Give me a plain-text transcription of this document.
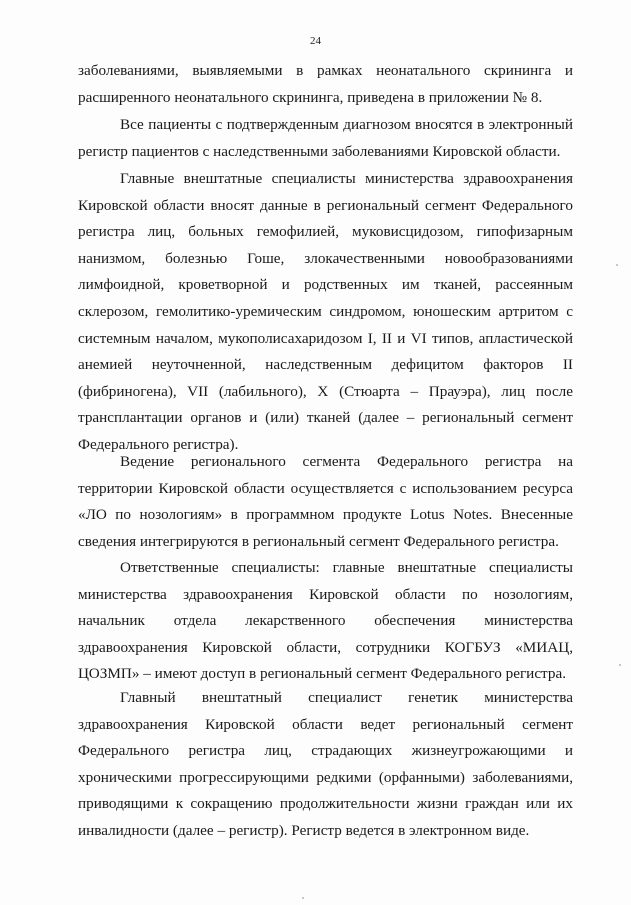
24

заболеваниями, выявляемыми в рамках неонатального скрининга и расширенного неонатального скрининга, приведена в приложении № 8.

Все пациенты с подтвержденным диагнозом вносятся в электронный регистр пациентов с наследственными заболеваниями Кировской области.

Главные внештатные специалисты министерства здравоохранения Кировской области вносят данные в региональный сегмент Федерального регистра лиц, больных гемофилией, муковисцидозом, гипофизарным нанизмом, болезнью Гоше, злокачественными новообразованиями лимфоидной, кроветворной и родственных им тканей, рассеянным склерозом, гемолитико-уремическим синдромом, юношеским артритом с системным началом, мукополисахаридозом I, II и VI типов, апластической анемией неуточненной, наследственным дефицитом факторов II (фибриногена), VII (лабильного), X (Стюарта – Прауэра), лиц после трансплантации органов и (или) тканей (далее – региональный сегмент Федерального регистра).

Ведение регионального сегмента Федерального регистра на территории Кировской области осуществляется с использованием ресурса «ЛО по нозологиям» в программном продукте Lotus Notes. Внесенные сведения интегрируются в региональный сегмент Федерального регистра.

Ответственные специалисты: главные внештатные специалисты министерства здравоохранения Кировской области по нозологиям, начальник отдела лекарственного обеспечения министерства здравоохранения Кировской области, сотрудники КОГБУЗ «МИАЦ, ЦОЗМП» – имеют доступ в региональный сегмент Федерального регистра.

Главный внештатный специалист генетик министерства здравоохранения Кировской области ведет региональный сегмент Федерального регистра лиц, страдающих жизнеугрожающими и хроническими прогрессирующими редкими (орфанными) заболеваниями, приводящими к сокращению продолжительности жизни граждан или их инвалидности (далее – регистр). Регистр ведется в электронном виде.
